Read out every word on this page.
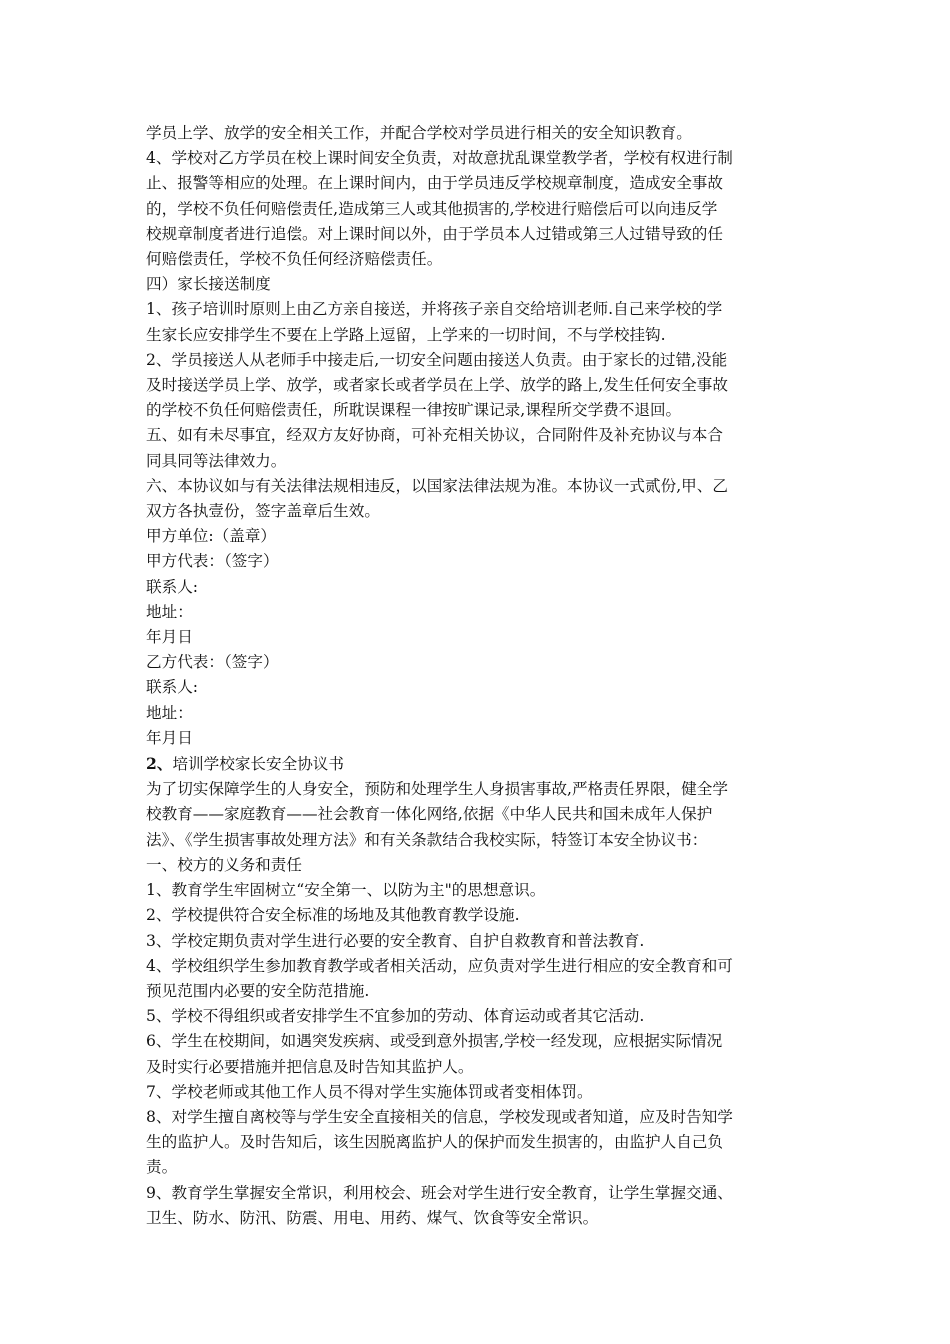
学员上学、放学的安全相关工作，并配合学校对学员进行相关的安全知识教育。
4、学校对乙方学员在校上课时间安全负责，对故意扰乱课堂教学者，学校有权进行制
止、报警等相应的处理。在上课时间内，由于学员违反学校规章制度，造成安全事故
的，学校不负任何赔偿责任,造成第三人或其他损害的,学校进行赔偿后可以向违反学
校规章制度者进行追偿。对上课时间以外，由于学员本人过错或第三人过错导致的任
何赔偿责任，学校不负任何经济赔偿责任。
四）家长接送制度
1、孩子培训时原则上由乙方亲自接送，并将孩子亲自交给培训老师.自己来学校的学
生家长应安排学生不要在上学路上逗留，上学来的一切时间，不与学校挂钩.
2、学员接送人从老师手中接走后,一切安全问题由接送人负责。由于家长的过错,没能
及时接送学员上学、放学，或者家长或者学员在上学、放学的路上,发生任何安全事故
的学校不负任何赔偿责任，所耽误课程一律按旷课记录,课程所交学费不退回。
五、如有未尽事宜，经双方友好协商，可补充相关协议，合同附件及补充协议与本合
同具同等法律效力。
六、本协议如与有关法律法规相违反，以国家法律法规为准。本协议一式贰份,甲、乙
双方各执壹份，签字盖章后生效。
甲方单位:（盖章）
甲方代表：（签字）
联系人:
地址：
年月日
乙方代表：（签字）
联系人:
地址：
年月日
2、培训学校家长安全协议书
为了切实保障学生的人身安全，预防和处理学生人身损害事故,严格责任界限，健全学
校教育——家庭教育——社会教育一体化网络,依据《中华人民共和国未成年人保护
法》、《学生损害事故处理方法》和有关条款结合我校实际，特签订本安全协议书：
一、校方的义务和责任
1、教育学生牢固树立“安全第一、以防为主"的思想意识。
2、学校提供符合安全标准的场地及其他教育教学设施.
3、学校定期负责对学生进行必要的安全教育、自护自救教育和普法教育.
4、学校组织学生参加教育教学或者相关活动，应负责对学生进行相应的安全教育和可
预见范围内必要的安全防范措施.
5、学校不得组织或者安排学生不宜参加的劳动、体育运动或者其它活动.
6、学生在校期间，如遇突发疾病、或受到意外损害,学校一经发现，应根据实际情况
及时实行必要措施并把信息及时告知其监护人。
7、学校老师或其他工作人员不得对学生实施体罚或者变相体罚。
8、对学生擅自离校等与学生安全直接相关的信息，学校发现或者知道，应及时告知学
生的监护人。及时告知后，该生因脱离监护人的保护而发生损害的，由监护人自己负
责。
9、教育学生掌握安全常识，利用校会、班会对学生进行安全教育，让学生掌握交通、
卫生、防水、防汛、防震、用电、用药、煤气、饮食等安全常识。
